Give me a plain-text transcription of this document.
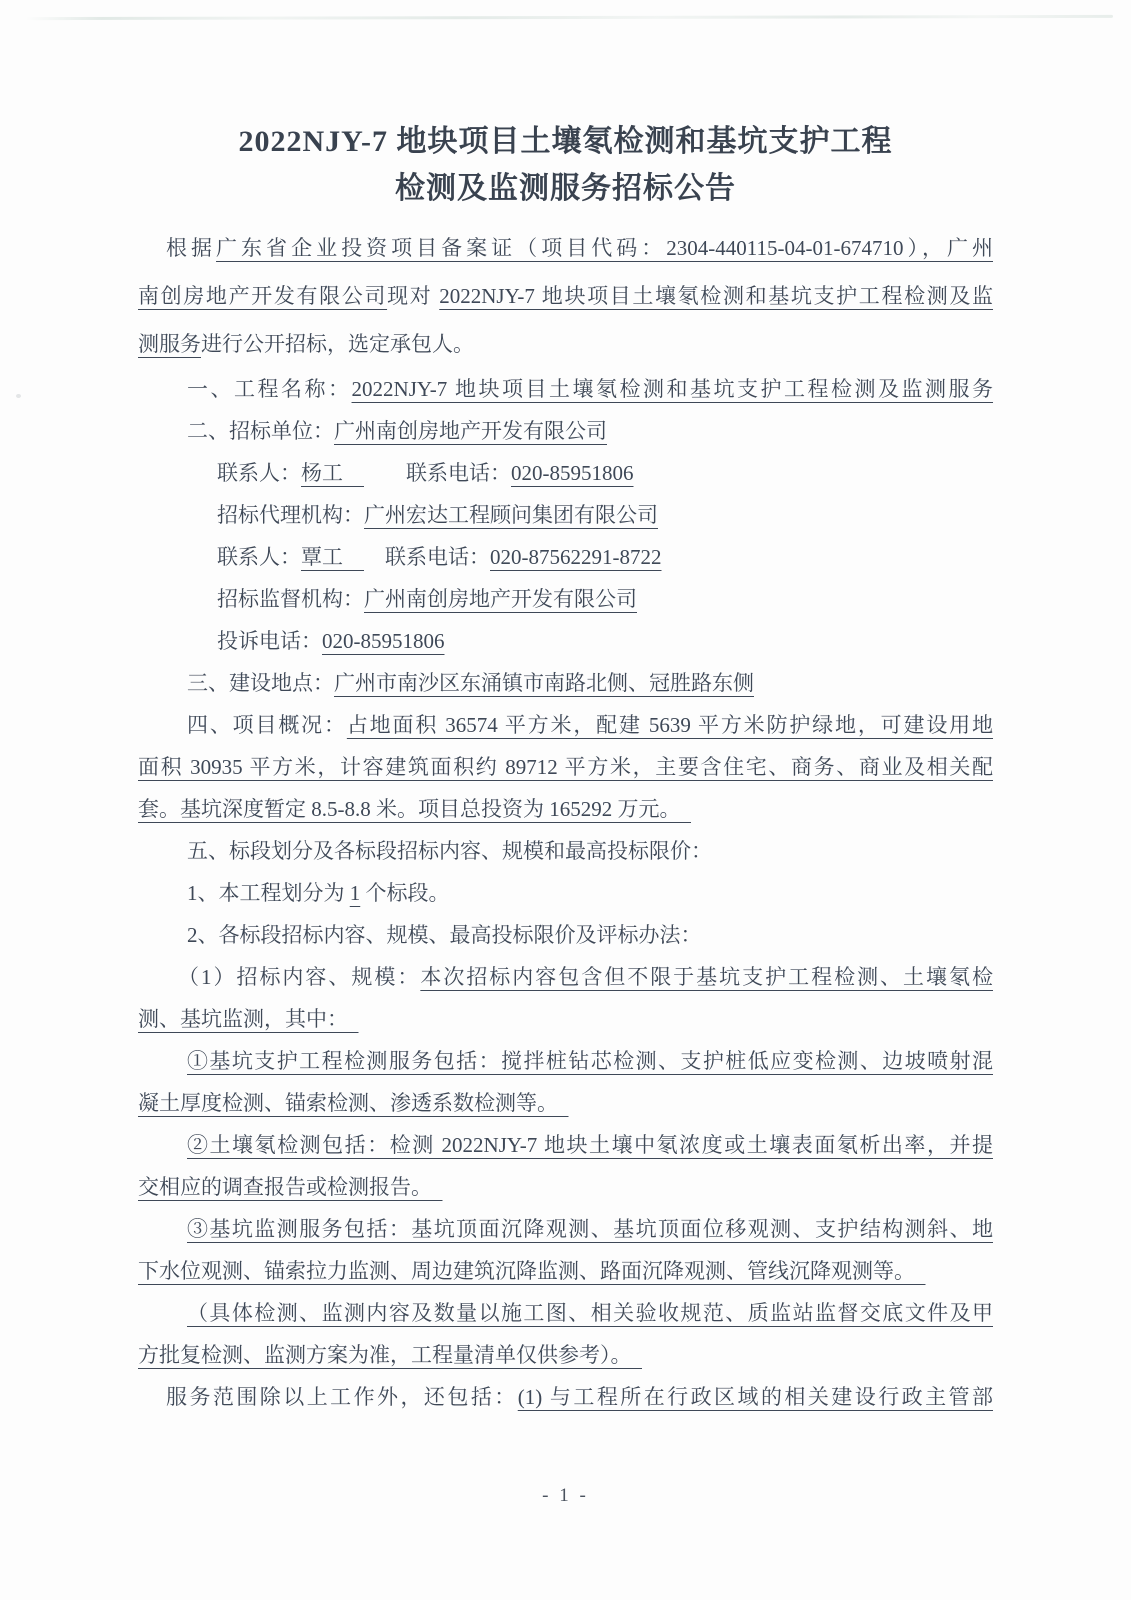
2022NJY-7 地块项目土壤氡检测和基坑支护工程
检测及监测服务招标公告
根据广东省企业投资项目备案证（项目代码：2304-440115-04-01-674710），广州
南创房地产开发有限公司现对 2022NJY-7 地块项目土壤氡检测和基坑支护工程检测及监
测服务进行公开招标，选定承包人。
一、工程名称：2022NJY-7 地块项目土壤氡检测和基坑支护工程检测及监测服务
二、招标单位：广州南创房地产开发有限公司
联系人：杨工　　　联系电话：020-85951806
招标代理机构：广州宏达工程顾问集团有限公司
联系人：覃工　　联系电话：020-87562291-8722
招标监督机构：广州南创房地产开发有限公司
投诉电话：020-85951806
三、建设地点：广州市南沙区东涌镇市南路北侧、冠胜路东侧
四、项目概况：占地面积 36574 平方米，配建 5639 平方米防护绿地，可建设用地
面积 30935 平方米，计容建筑面积约 89712 平方米，主要含住宅、商务、商业及相关配
套。基坑深度暂定 8.5-8.8 米。项目总投资为 165292 万元。　
五、标段划分及各标段招标内容、规模和最高投标限价：
1、本工程划分为 1 个标段。
2、各标段招标内容、规模、最高投标限价及评标办法：
（1）招标内容、规模：本次招标内容包含但不限于基坑支护工程检测、土壤氡检
测、基坑监测，其中：　
①基坑支护工程检测服务包括：搅拌桩钻芯检测、支护桩低应变检测、边坡喷射混
凝土厚度检测、锚索检测、渗透系数检测等。　
②土壤氡检测包括：检测 2022NJY-7 地块土壤中氡浓度或土壤表面氡析出率，并提
交相应的调查报告或检测报告。　
③基坑监测服务包括：基坑顶面沉降观测、基坑顶面位移观测、支护结构测斜、地
下水位观测、锚索拉力监测、周边建筑沉降监测、路面沉降观测、管线沉降观测等。　
（具体检测、监测内容及数量以施工图、相关验收规范、质监站监督交底文件及甲
方批复检测、监测方案为准，工程量清单仅供参考）。　
服务范围除以上工作外，还包括：(1) 与工程所在行政区域的相关建设行政主管部
- 1 -
